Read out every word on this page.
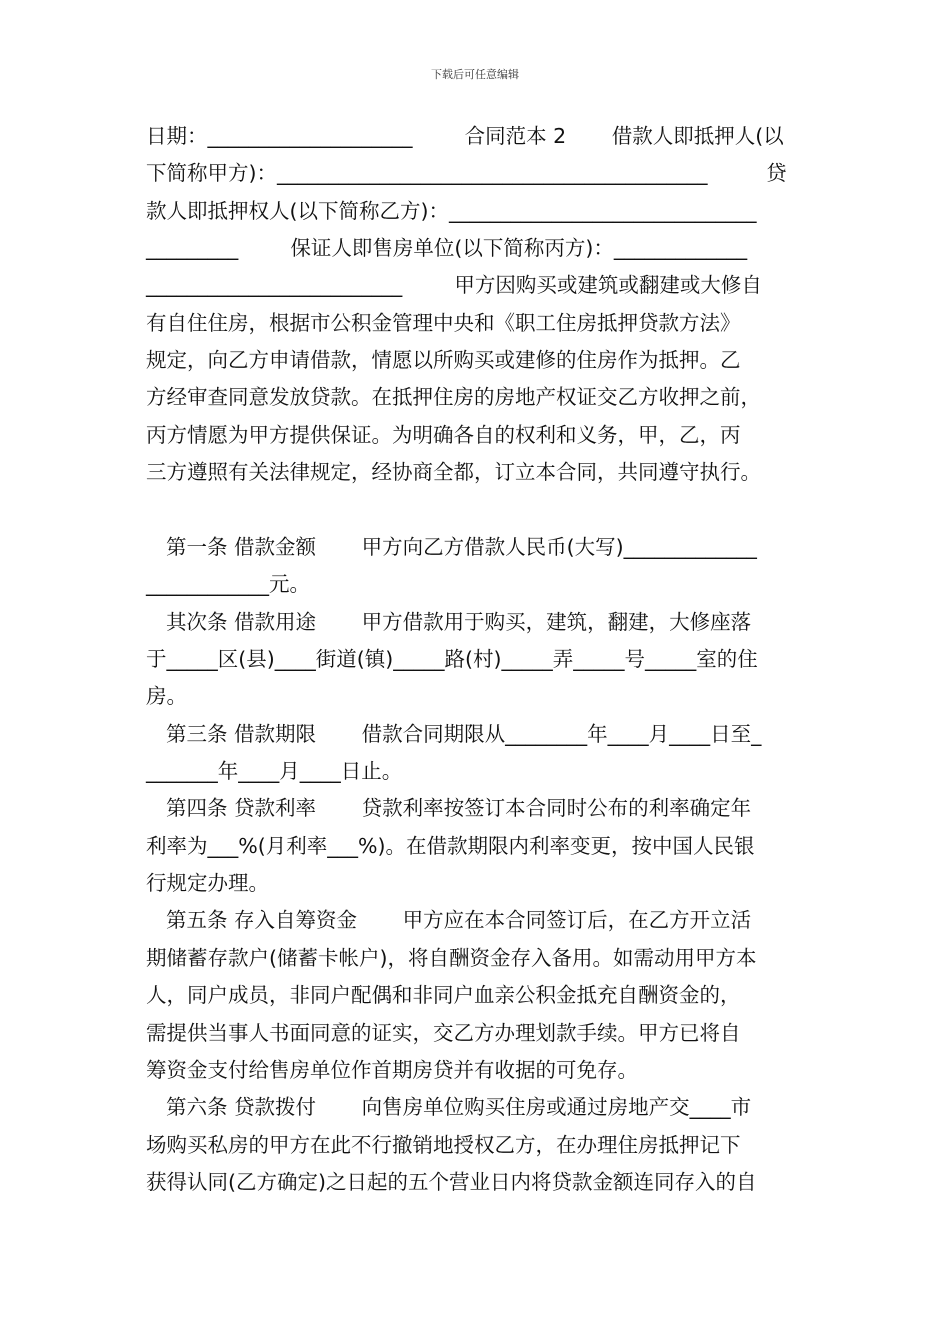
下载后可任意编辑
日期：____________________        合同范本 2       借款人即抵押人(以
下简称甲方)：__________________________________________         贷
款人即抵押权人(以下简称乙方)：______________________________
_________        保证人即售房单位(以下简称丙方)：_____________
_________________________        甲方因购买或建筑或翻建或大修自
有自住住房，根据市公积金管理中央和《职工住房抵押贷款方法》
规定，向乙方申请借款，情愿以所购买或建修的住房作为抵押。乙
方经审查同意发放贷款。在抵押住房的房地产权证交乙方收押之前，
丙方情愿为甲方提供保证。为明确各自的权利和义务，甲，乙，丙
三方遵照有关法律规定，经协商全都，订立本合同，共同遵守执行。
第一条 借款金额       甲方向乙方借款人民币(大写)_____________
____________元。
其次条 借款用途       甲方借款用于购买，建筑，翻建，大修座落
于_____区(县)____街道(镇)_____路(村)_____弄_____号_____室的住
房。
第三条 借款期限       借款合同期限从________年____月____日至_
_______年____月____日止。
第四条 贷款利率       贷款利率按签订本合同时公布的利率确定年
利率为___%(月利率___%)。在借款期限内利率变更，按中国人民银
行规定办理。
第五条 存入自筹资金       甲方应在本合同签订后，在乙方开立活
期储蓄存款户(储蓄卡帐户)，将自酬资金存入备用。如需动用甲方本
人，同户成员，非同户配偶和非同户血亲公积金抵充自酬资金的，
需提供当事人书面同意的证实，交乙方办理划款手续。甲方已将自
筹资金支付给售房单位作首期房贷并有收据的可免存。
第六条 贷款拨付       向售房单位购买住房或通过房地产交____市
场购买私房的甲方在此不行撤销地授权乙方，在办理住房抵押记下
获得认同(乙方确定)之日起的五个营业日内将贷款金额连同存入的自
